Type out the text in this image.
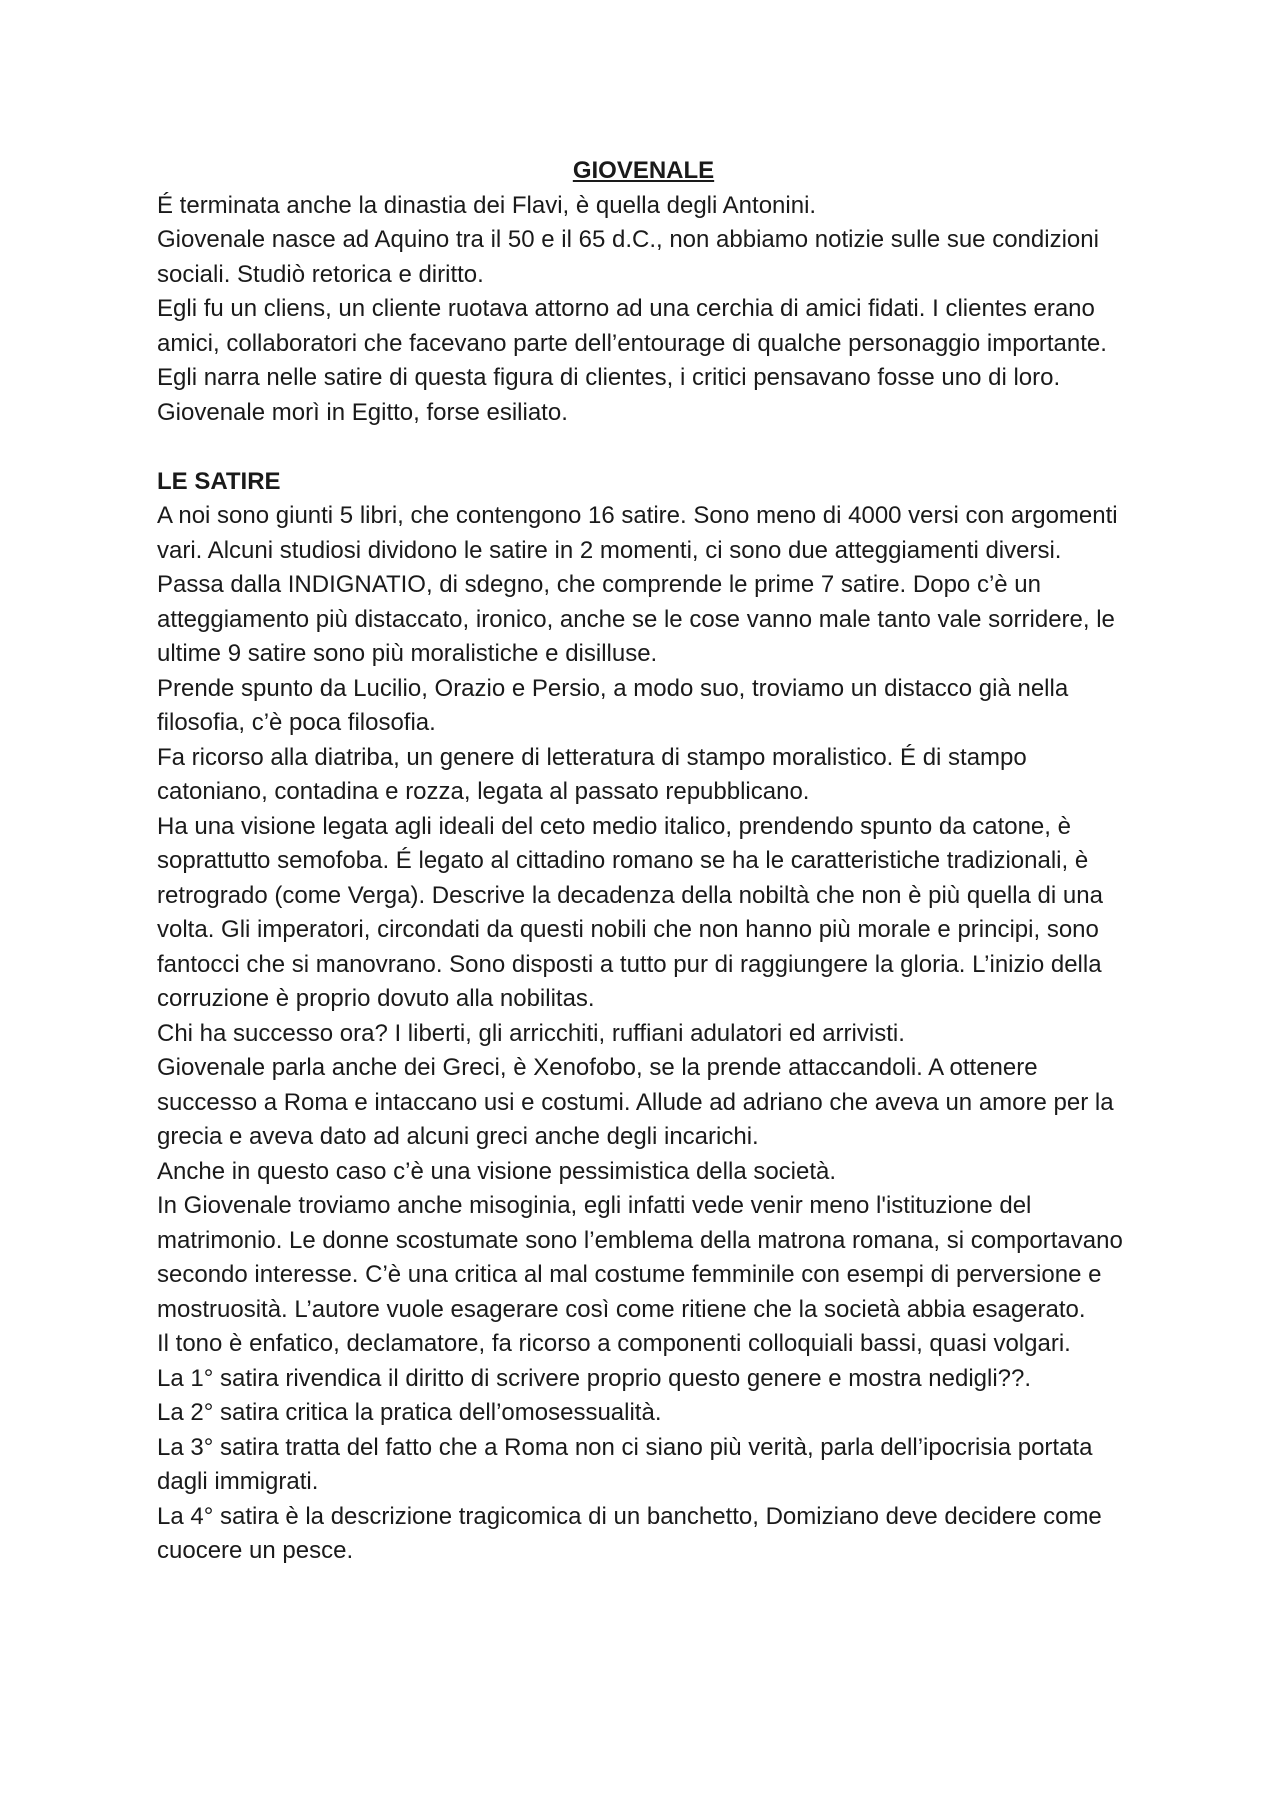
GIOVENALE

É terminata anche la dinastia dei Flavi, è quella degli Antonini.

Giovenale nasce ad Aquino tra il 50 e il 65 d.C., non abbiamo notizie sulle sue condizioni sociali. Studiò retorica e diritto.

Egli fu un cliens, un cliente ruotava attorno ad una cerchia di amici fidati. I clientes erano amici, collaboratori che facevano parte dell’entourage di qualche personaggio importante. Egli narra nelle satire di questa figura di clientes, i critici pensavano fosse uno di loro.

Giovenale morì in Egitto, forse esiliato.

LE SATIRE

A noi sono giunti 5 libri, che contengono 16 satire. Sono meno di 4000 versi con argomenti vari. Alcuni studiosi dividono le satire in 2 momenti, ci sono due atteggiamenti diversi. Passa dalla INDIGNATIO, di sdegno, che comprende le prime 7 satire. Dopo c’è un atteggiamento più distaccato, ironico, anche se le cose vanno male tanto vale sorridere, le ultime 9 satire sono più moralistiche e disilluse.

Prende spunto da Lucilio, Orazio e Persio, a modo suo, troviamo un distacco già nella filosofia, c’è poca filosofia.

Fa ricorso alla diatriba, un genere di letteratura di stampo moralistico. É di stampo catoniano, contadina e rozza, legata al passato repubblicano.

Ha una visione legata agli ideali del ceto medio italico, prendendo spunto da catone, è soprattutto semofoba. É legato al cittadino romano se ha le caratteristiche tradizionali, è retrogrado (come Verga). Descrive la decadenza della nobiltà che non è più quella di una volta. Gli imperatori, circondati da questi nobili che non hanno più morale e principi, sono fantocci che si manovrano. Sono disposti a tutto pur di raggiungere la gloria. L’inizio della corruzione è proprio dovuto alla nobilitas.

Chi ha successo ora? I liberti, gli arricchiti, ruffiani adulatori ed arrivisti.

Giovenale parla anche dei Greci, è Xenofobo, se la prende attaccandoli. A ottenere successo a Roma e intaccano usi e costumi. Allude ad adriano che aveva un amore per la grecia e aveva dato ad alcuni greci anche degli incarichi.

Anche in questo caso c’è una visione pessimistica della società.

In Giovenale troviamo anche misoginia, egli infatti vede venir meno l'istituzione del matrimonio. Le donne scostumate sono l’emblema della matrona romana, si comportavano secondo interesse. C’è una critica al mal costume femminile con esempi di perversione e mostruosità. L’autore vuole esagerare così come ritiene che la società abbia esagerato.

Il tono è enfatico, declamatore, fa ricorso a componenti colloquiali bassi, quasi volgari.

La 1° satira rivendica il diritto di scrivere proprio questo genere e mostra nedigli??.

La 2° satira critica la pratica dell’omosessualità.

La 3° satira tratta del fatto che a Roma non ci siano più verità, parla dell’ipocrisia portata dagli immigrati.

La 4° satira è la descrizione tragicomica di un banchetto, Domiziano deve decidere come cuocere un pesce.
